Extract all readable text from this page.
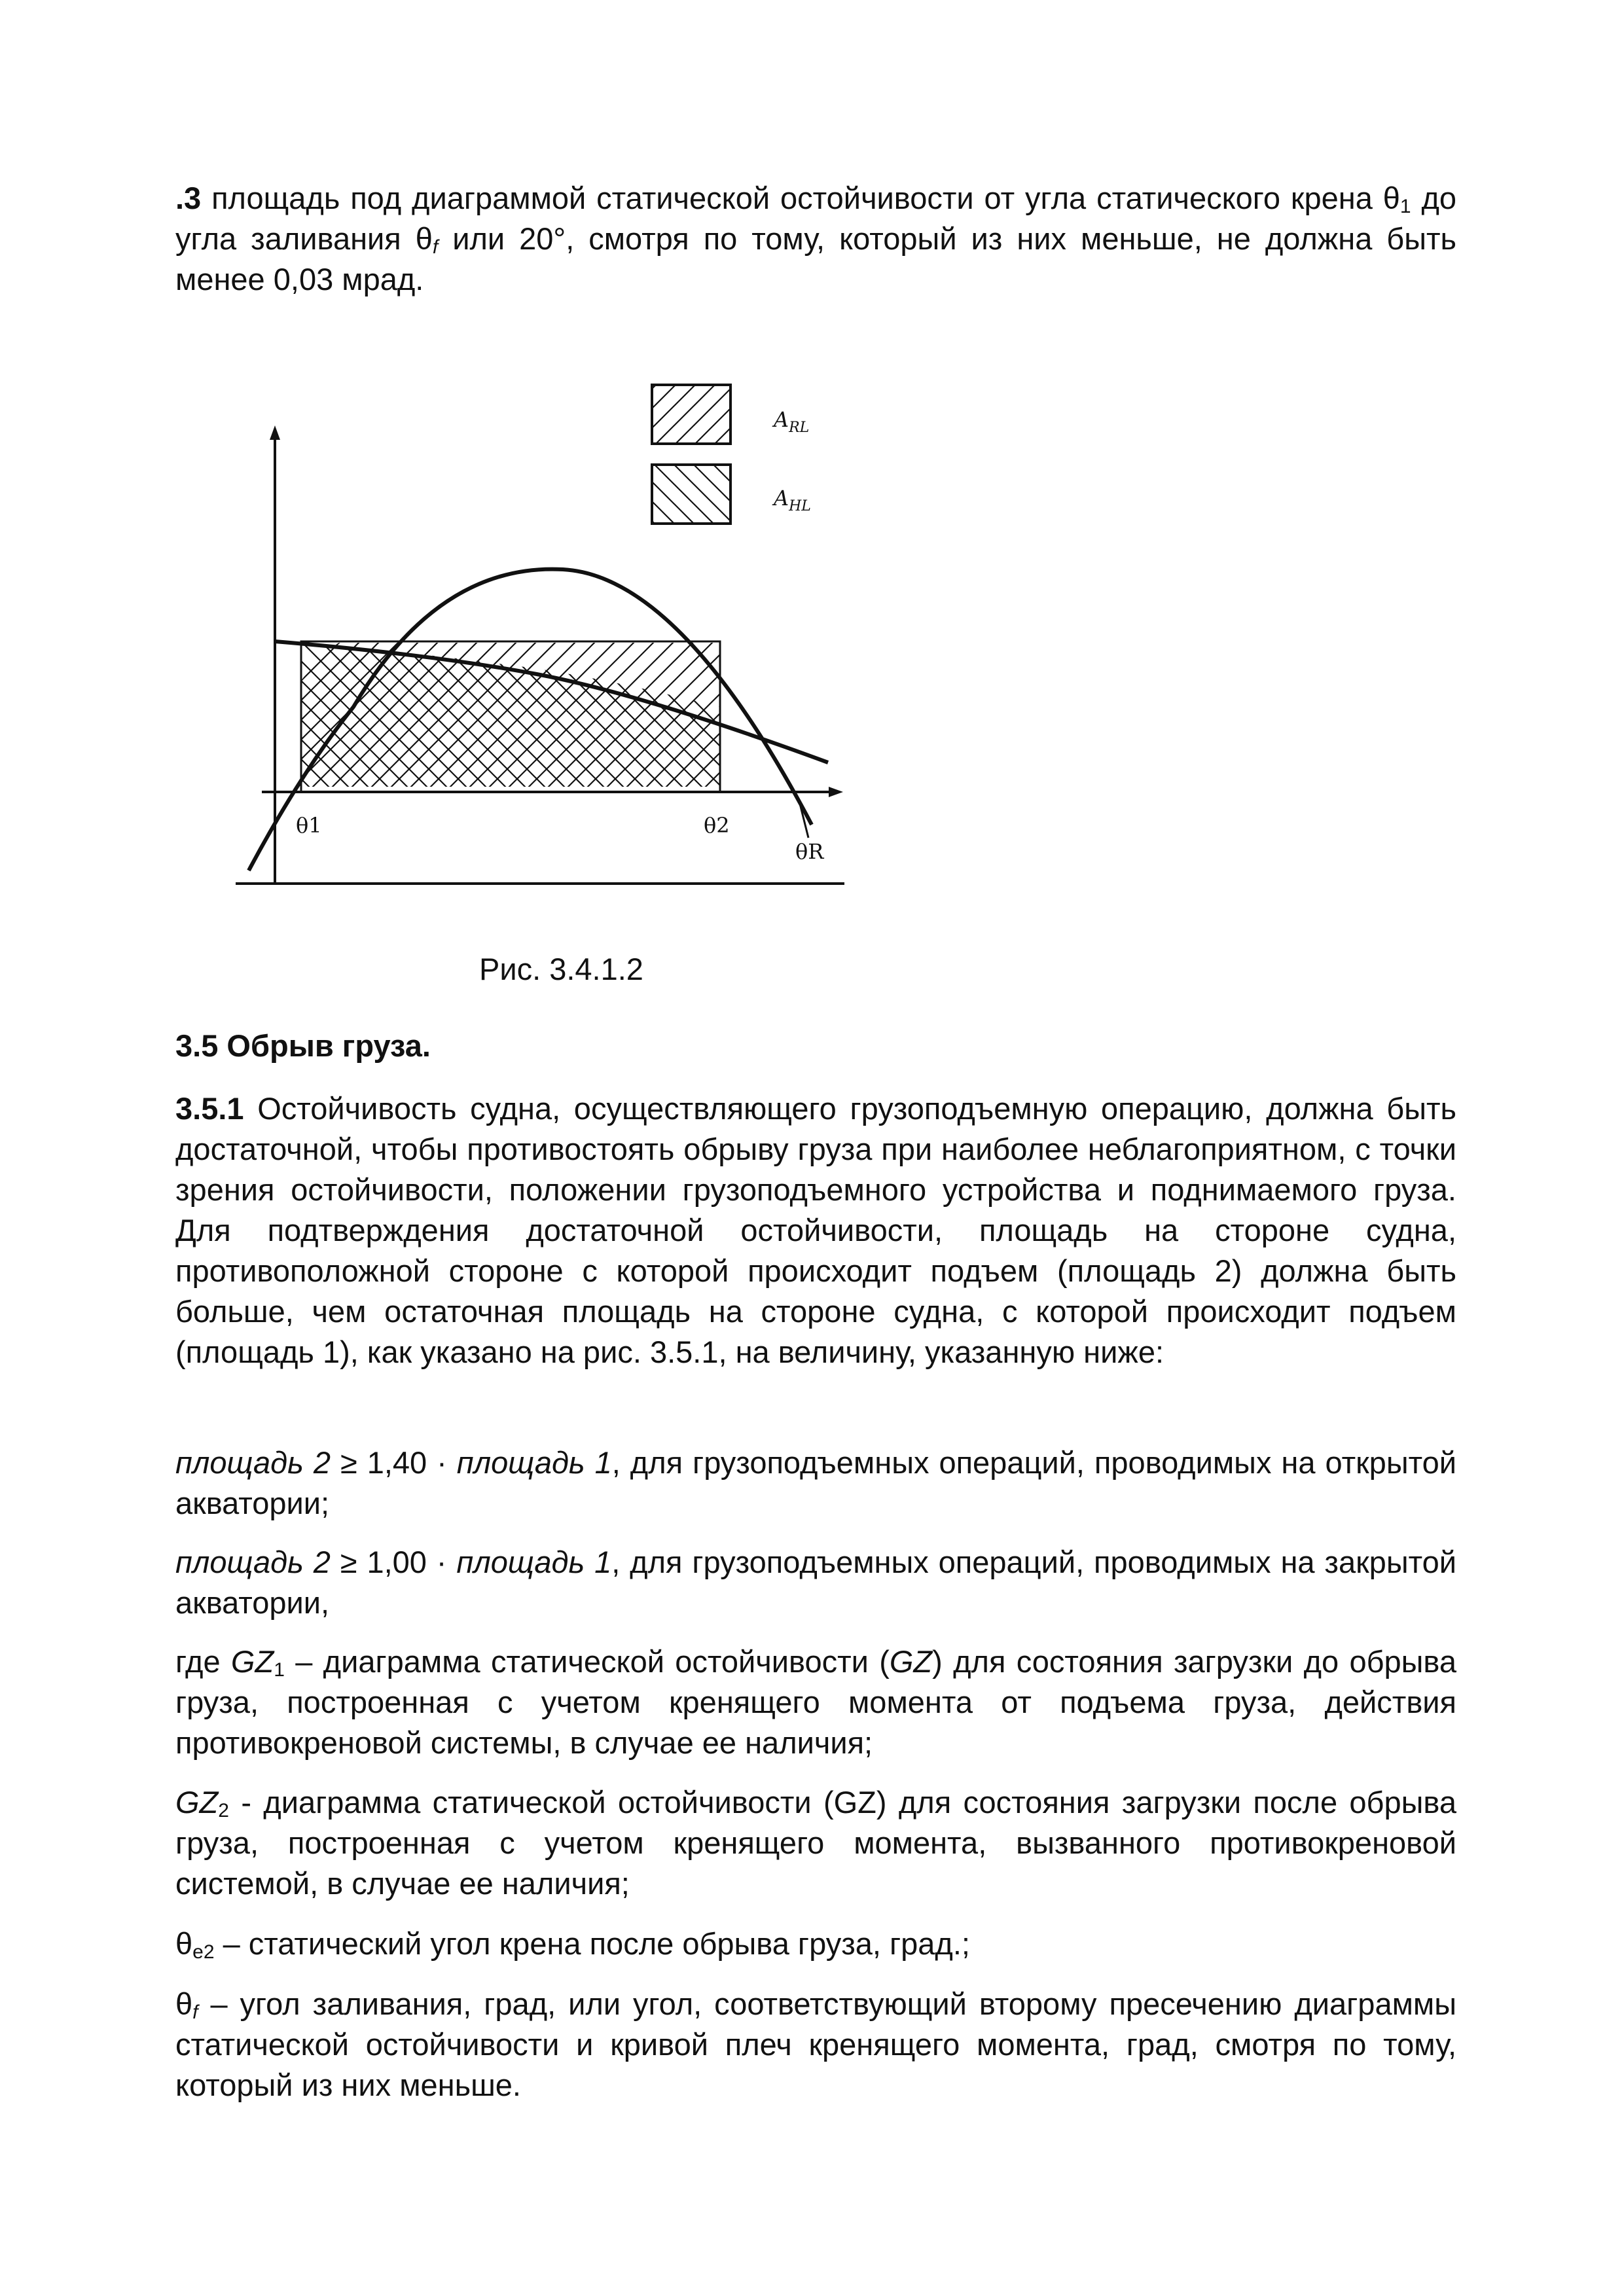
.3 площадь под диаграммой статической остойчивости от угла статического крена $\theta_1$ до угла заливания $\theta_f$ или 20°, смотря по тому, который из них меньше, не должна быть менее 0,03 мрад.

$A_{RL}$
$A_{HL}$
θ1	θ2
θR

Рис. 3.4.1.2

3.5 Обрыв груза.

3.5.1 Остойчивость судна, осуществляющего грузоподъемную операцию, должна быть достаточной, чтобы противостоять обрыву груза при наиболее неблагоприятном, с точки зрения остойчивости, положении грузоподъемного устройства и поднимаемого груза. Для подтверждения достаточной остойчивости, площадь на стороне судна, противоположной стороне с которой происходит подъем (площадь 2) должна быть больше, чем остаточная площадь на стороне судна, с которой происходит подъем (площадь 1), как указано на рис. 3.5.1, на величину, указанную ниже:

площадь 2 ≥ 1,40 · площадь 1, для грузоподъемных операций, проводимых на открытой акватории;

площадь 2 ≥ 1,00 · площадь 1, для грузоподъемных операций, проводимых на закрытой акватории,

где $GZ_1$ – диаграмма статической остойчивости (GZ) для состояния загрузки до обрыва груза, построенная с учетом кренящего момента от подъема груза, действия противокреновой системы, в случае ее наличия;

$GZ_2$ - диаграмма статической остойчивости (GZ) для состояния загрузки после обрыва груза, построенная с учетом кренящего момента, вызванного противокреновой системой, в случае ее наличия;

$\theta_{e2}$ – статический угол крена после обрыва груза, град.;

$\theta_f$ – угол заливания, град, или угол, соответствующий второму пресечению диаграммы статической остойчивости и кривой плеч кренящего момента, град, смотря по тому, который из них меньше.
